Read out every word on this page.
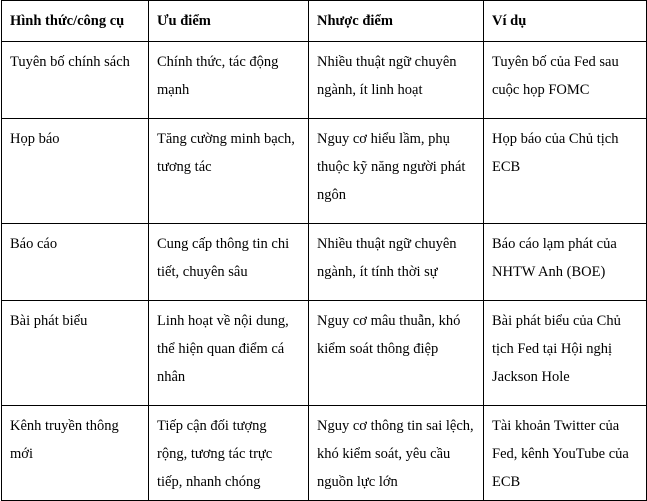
Hình thức/công cụ	Ưu điểm	Nhược điểm	Ví dụ
Tuyên bố chính sách	Chính thức, tác động mạnh	Nhiều thuật ngữ chuyên ngành, ít linh hoạt	Tuyên bố của Fed sau cuộc họp FOMC
Họp báo	Tăng cường minh bạch, tương tác	Nguy cơ hiểu lầm, phụ thuộc kỹ năng người phát ngôn	Họp báo của Chủ tịch ECB
Báo cáo	Cung cấp thông tin chi tiết, chuyên sâu	Nhiều thuật ngữ chuyên ngành, ít tính thời sự	Báo cáo lạm phát của NHTW Anh (BOE)
Bài phát biểu	Linh hoạt về nội dung, thể hiện quan điểm cá nhân	Nguy cơ mâu thuẫn, khó kiểm soát thông điệp	Bài phát biểu của Chủ tịch Fed tại Hội nghị Jackson Hole
Kênh truyền thông mới	Tiếp cận đối tượng rộng, tương tác trực tiếp, nhanh chóng	Nguy cơ thông tin sai lệch, khó kiểm soát, yêu cầu nguồn lực lớn	Tài khoản Twitter của Fed, kênh YouTube của ECB
